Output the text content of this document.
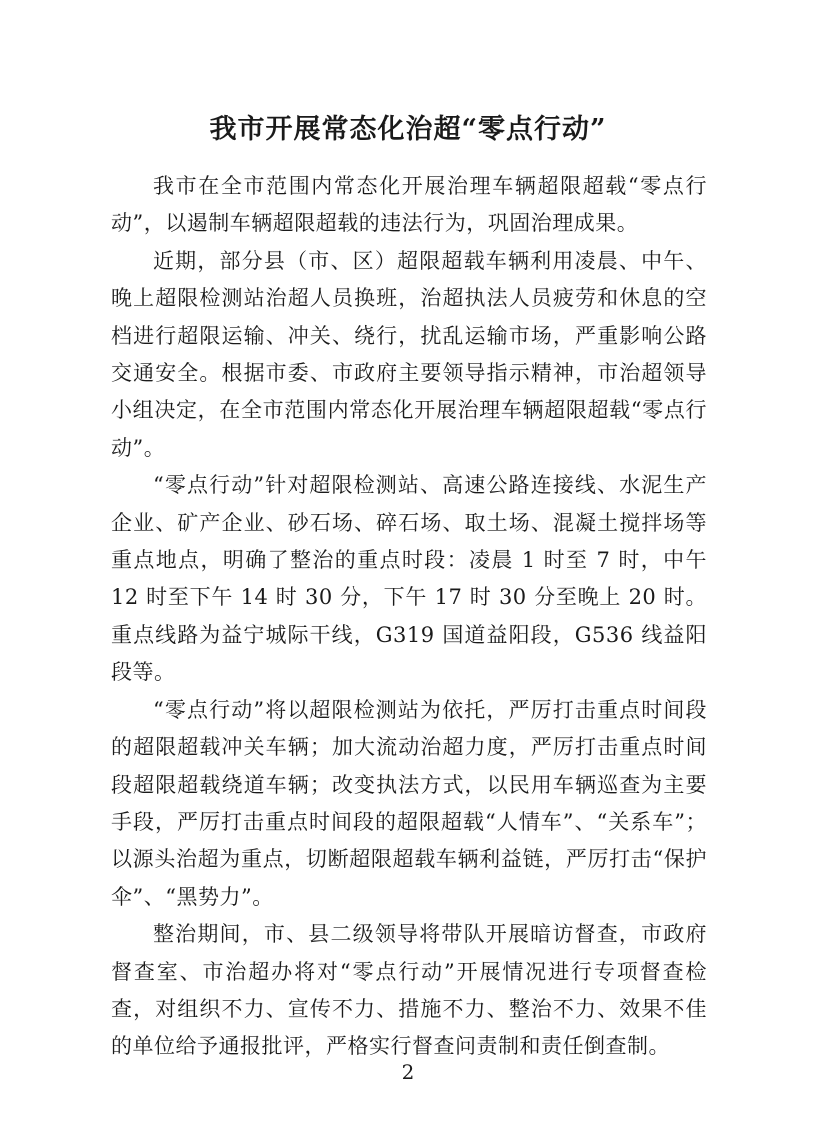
我市开展常态化治超“零点行动”

我市在全市范围内常态化开展治理车辆超限超载“零点行动”，以遏制车辆超限超载的违法行为，巩固治理成果。

近期，部分县（市、区）超限超载车辆利用凌晨、中午、晚上超限检测站治超人员换班，治超执法人员疲劳和休息的空档进行超限运输、冲关、绕行，扰乱运输市场，严重影响公路交通安全。根据市委、市政府主要领导指示精神，市治超领导小组决定，在全市范围内常态化开展治理车辆超限超载“零点行动”。

“零点行动”针对超限检测站、高速公路连接线、水泥生产企业、矿产企业、砂石场、碎石场、取土场、混凝土搅拌场等重点地点，明确了整治的重点时段：凌晨 1 时至 7 时，中午 12 时至下午 14 时 30 分，下午 17 时 30 分至晚上 20 时。重点线路为益宁城际干线，G319 国道益阳段，G536 线益阳段等。

“零点行动”将以超限检测站为依托，严厉打击重点时间段的超限超载冲关车辆；加大流动治超力度，严厉打击重点时间段超限超载绕道车辆；改变执法方式，以民用车辆巡查为主要手段，严厉打击重点时间段的超限超载“人情车”、“关系车”；以源头治超为重点，切断超限超载车辆利益链，严厉打击“保护伞”、“黑势力”。

整治期间，市、县二级领导将带队开展暗访督查，市政府督查室、市治超办将对“零点行动”开展情况进行专项督查检查，对组织不力、宣传不力、措施不力、整治不力、效果不佳的单位给予通报批评，严格实行督查问责制和责任倒查制。

2
